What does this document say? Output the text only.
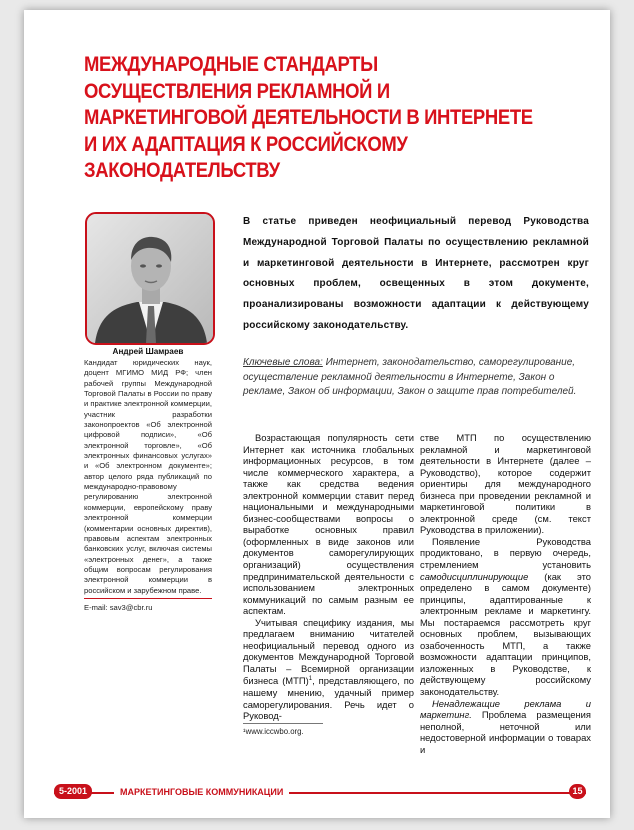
МЕЖДУНАРОДНЫЕ СТАНДАРТЫ
ОСУЩЕСТВЛЕНИЯ РЕКЛАМНОЙ И
МАРКЕТИНГОВОЙ ДЕЯТЕЛЬНОСТИ В ИНТЕРНЕТЕ
И ИХ АДАПТАЦИЯ К РОССИЙСКОМУ
ЗАКОНОДАТЕЛЬСТВУ
Андрей Шамраев
Кандидат юридических наук, доцент МГИМО МИД РФ; член рабочей группы Международной Торговой Палаты в России по праву и практике электронной коммерции, участник разработки законопроектов «Об электронной цифровой подписи», «Об электронной торговле», «Об электронных финансовых услугах» и «Об электронном документе»; автор целого ряда публикаций по международно-правовому регулированию электронной коммерции, европейскому праву электронной коммерции (комментарии основных директив), правовым аспектам электронных банковских услуг, включая системы «электронных денег», а также общим вопросам регулирования электронной коммерции в российском и зарубежном праве.
E-mail: sav3@cbr.ru
В статье приведен неофициальный перевод Руководства Международной Торговой Палаты по осуществлению рекламной и маркетинговой деятельности в Интернете, рассмотрен круг основных проблем, освещенных в этом документе, проанализированы возможности адаптации к действующему российскому законодательству.
Ключевые слова: Интернет, законодательство, саморегулирование, осуществление рекламной деятельности в Интернете, Закон о рекламе, Закон об информации, Закон о защите прав потребителей.

Возрастающая популярность сети Интернет как источника глобальных информационных ресурсов, в том числе коммерческого характера, а также как средства ведения электронной коммерции ставит перед национальными и международными бизнес-сообществами вопросы о выработке основных правил (оформленных в виде законов или документов саморегулирующих организаций) осуществления предпринимательской деятельности с использованием электронных коммуникаций по самым разным ее аспектам.

Учитывая специфику издания, мы предлагаем вниманию читателей неофициальный перевод одного из документов Международной Торговой Палаты – Всемирной организации бизнеса (МТП)$^1$, представляющего, по нашему мнению, удачный пример саморегулирования. Речь идет о Руковод-

стве МТП по осуществлению рекламной и маркетинговой деятельности в Интернете (далее – Руководство), которое содержит ориентиры для международного бизнеса при проведении рекламной и маркетинговой политики в электронной среде (см. текст Руководства в приложении).

Появление Руководства продиктовано, в первую очередь, стремлением установить самодисциплинирующие (как это определено в самом документе) принципы, адаптированные к электронным рекламе и маркетингу. Мы постараемся рассмотреть круг основных проблем, вызывающих озабоченность МТП, а также возможности адаптации принципов, изложенных в Руководстве, к действующему российскому законодательству.

Ненадлежащие реклама и маркетинг. Проблема размещения неполной, неточной или недостоверной информации о товарах и

¹www.iccwbo.org.
5-2001	МАРКЕТИНГОВЫЕ КОММУНИКАЦИИ	15
